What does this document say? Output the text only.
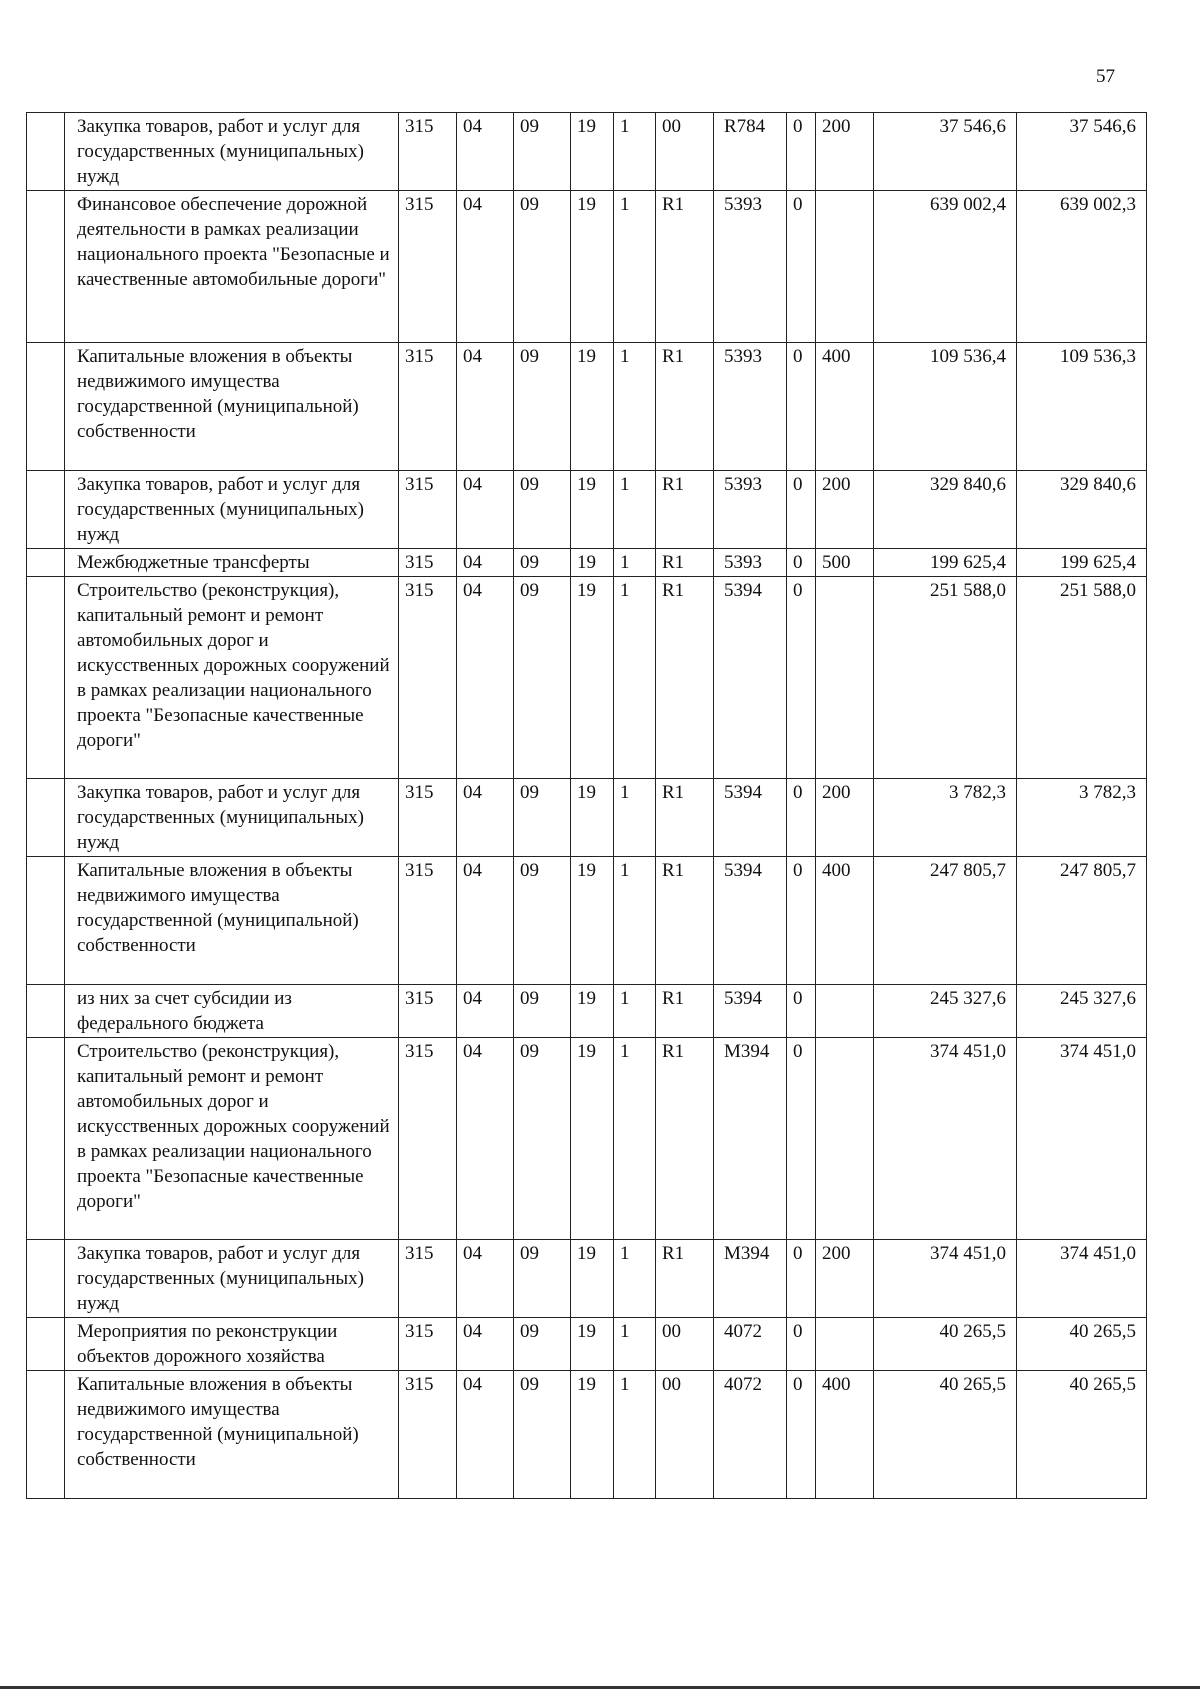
57
	Закупка товаров, работ и услуг для государственных (муниципальных) нужд	315	04	09	19	1	00	R784	0	200	37 546,6	37 546,6
	Финансовое обеспечение дорожной деятельности в рамках реализации национального проекта "Безопасные и качественные автомобильные дороги"	315	04	09	19	1	R1	5393	0		639 002,4	639 002,3
	Капитальные вложения в объекты недвижимого имущества государственной (муниципальной) собственности	315	04	09	19	1	R1	5393	0	400	109 536,4	109 536,3
	Закупка товаров, работ и услуг для государственных (муниципальных) нужд	315	04	09	19	1	R1	5393	0	200	329 840,6	329 840,6
	Межбюджетные трансферты	315	04	09	19	1	R1	5393	0	500	199 625,4	199 625,4
	Строительство (реконструкция), капитальный ремонт и ремонт автомобильных дорог и искусственных дорожных сооружений в рамках реализации национального проекта "Безопасные качественные дороги"	315	04	09	19	1	R1	5394	0		251 588,0	251 588,0
	Закупка товаров, работ и услуг для государственных (муниципальных) нужд	315	04	09	19	1	R1	5394	0	200	3 782,3	3 782,3
	Капитальные вложения в объекты недвижимого имущества государственной (муниципальной) собственности	315	04	09	19	1	R1	5394	0	400	247 805,7	247 805,7
	из них за счет субсидии из федерального бюджета	315	04	09	19	1	R1	5394	0		245 327,6	245 327,6
	Строительство (реконструкция), капитальный ремонт и ремонт автомобильных дорог и искусственных дорожных сооружений в рамках реализации национального проекта "Безопасные качественные дороги"	315	04	09	19	1	R1	М394	0		374 451,0	374 451,0
	Закупка товаров, работ и услуг для государственных (муниципальных) нужд	315	04	09	19	1	R1	М394	0	200	374 451,0	374 451,0
	Мероприятия по реконструкции объектов дорожного хозяйства	315	04	09	19	1	00	4072	0		40 265,5	40 265,5
	Капитальные вложения в объекты недвижимого имущества государственной (муниципальной) собственности	315	04	09	19	1	00	4072	0	400	40 265,5	40 265,5
